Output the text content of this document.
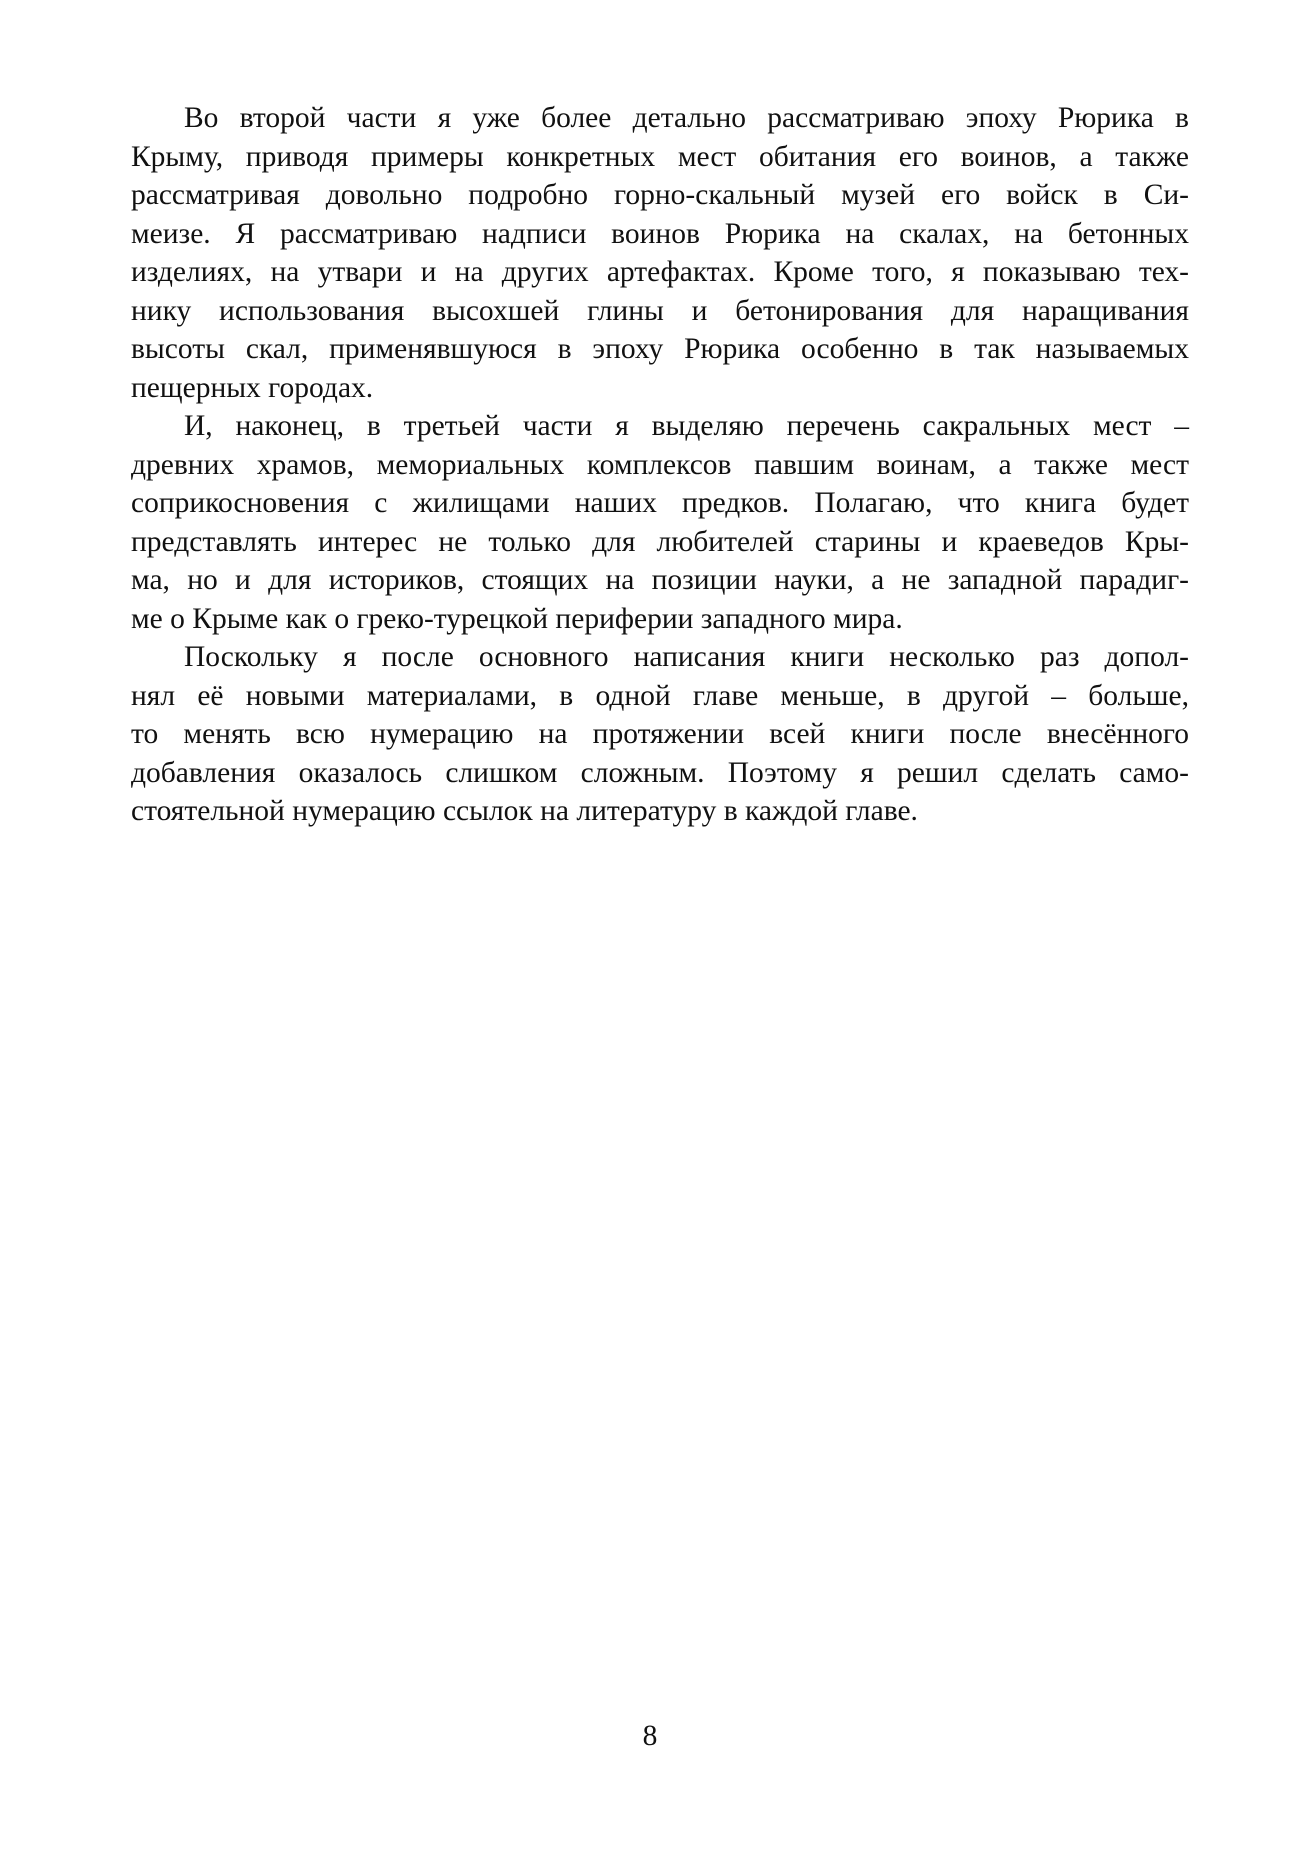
Во второй части я уже более детально рассматриваю эпоху Рюрика в
Крыму, приводя примеры конкретных мест обитания его воинов, а также
рассматривая довольно подробно горно-скальный музей его войск в Си-
меизе. Я рассматриваю надписи воинов Рюрика на скалах, на бетонных
изделиях, на утвари и на других артефактах. Кроме того, я показываю тех-
нику использования высохшей глины и бетонирования для наращивания
высоты скал, применявшуюся в эпоху Рюрика особенно в так называемых
пещерных городах.
И, наконец, в третьей части я выделяю перечень сакральных мест –
древних храмов, мемориальных комплексов павшим воинам, а также мест
соприкосновения с жилищами наших предков. Полагаю, что книга будет
представлять интерес не только для любителей старины и краеведов Кры-
ма, но и для историков, стоящих на позиции науки, а не западной парадиг-
ме о Крыме как о греко-турецкой периферии западного мира.
Поскольку я после основного написания книги несколько раз допол-
нял её новыми материалами, в одной главе меньше, в другой – больше,
то менять всю нумерацию на протяжении всей книги после внесённого
добавления оказалось слишком сложным. Поэтому я решил сделать само-
стоятельной нумерацию ссылок на литературу в каждой главе.
8
